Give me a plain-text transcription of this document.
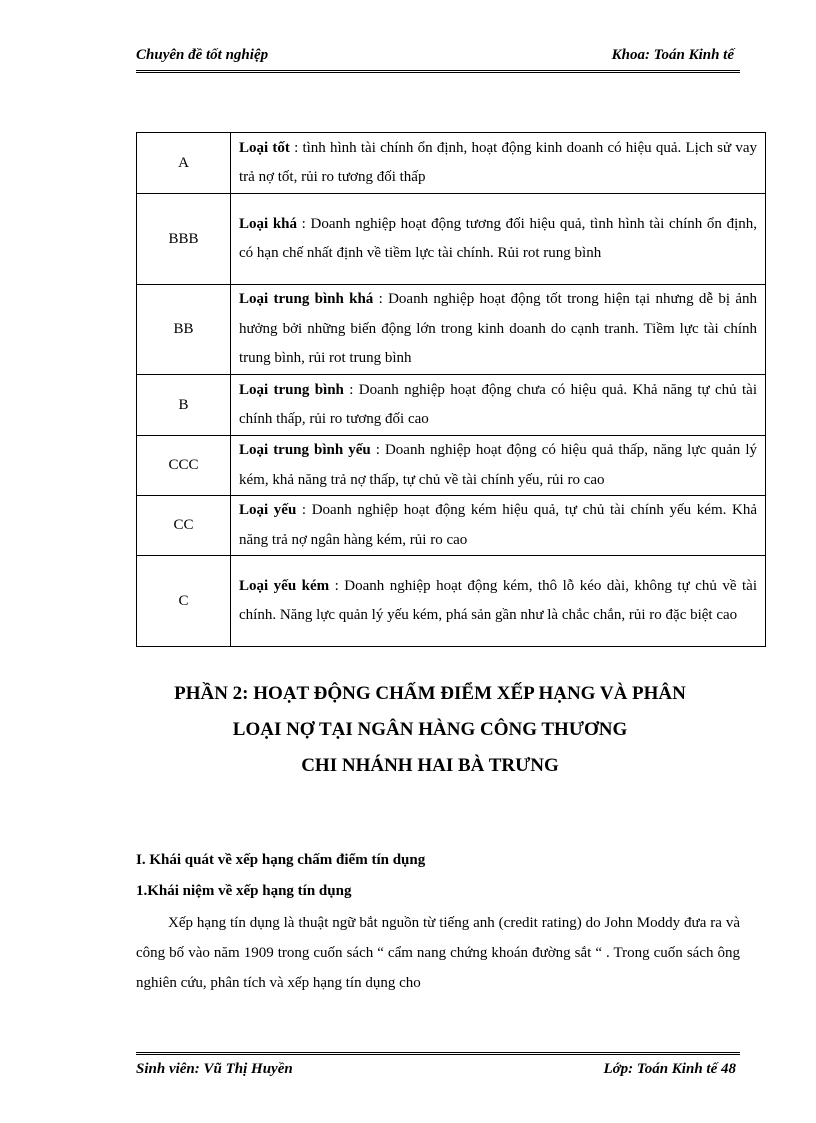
Chuyên đề tốt nghiệp	Khoa: Toán Kinh tế
A	Loại tốt : tình hình tài chính ổn định, hoạt động kinh doanh có hiệu quả. Lịch sử vay trả nợ tốt, rủi ro tương đối thấp
BBB	Loại khá : Doanh nghiệp hoạt động tương đối hiệu quả, tình hình tài chính ổn định, có hạn chế nhất định về tiềm lực tài chính. Rủi rot rung bình
BB	Loại trung bình khá : Doanh nghiệp hoạt động tốt trong hiện tại nhưng dễ bị ảnh hưởng bởi những biến động lớn trong kinh doanh do cạnh tranh. Tiềm lực tài chính trung bình, rủi rot trung bình
B	Loại trung bình : Doanh nghiệp hoạt động chưa có hiệu quả. Khả năng tự chủ tài chính thấp, rủi ro tương đối cao
CCC	Loại trung bình yếu : Doanh nghiệp hoạt động có hiệu quả thấp, năng lực quản lý kém, khả năng trả nợ thấp, tự chủ về tài chính yếu, rủi ro cao
CC	Loại yếu : Doanh nghiệp hoạt động kém hiệu quả, tự chủ tài chính yếu kém. Khả năng trả nợ ngân hàng kém, rủi ro cao
C	Loại yếu kém : Doanh nghiệp hoạt động kém, thô lỗ kéo dài, không tự chủ về tài chính. Năng lực quản lý yếu kém, phá sản gần như là chắc chắn, rủi ro đặc biệt cao
PHẦN 2: HOẠT ĐỘNG CHẤM ĐIỂM XẾP HẠNG VÀ PHÂN
LOẠI NỢ TẠI NGÂN HÀNG CÔNG THƯƠNG
CHI NHÁNH HAI BÀ TRƯNG
I. Khái quát về xếp hạng chấm điểm tín dụng
1.Khái niệm về xếp hạng tín dụng
Xếp hạng tín dụng là thuật ngữ bắt nguồn từ tiếng anh (credit rating) do John Moddy đưa ra và công bố vào năm 1909 trong cuốn sách “ cẩm nang chứng khoán đường sắt “ . Trong cuốn sách ông nghiên cứu, phân tích và xếp hạng tín dụng cho
Sinh viên: Vũ Thị Huyền	Lớp: Toán Kinh tế 48
